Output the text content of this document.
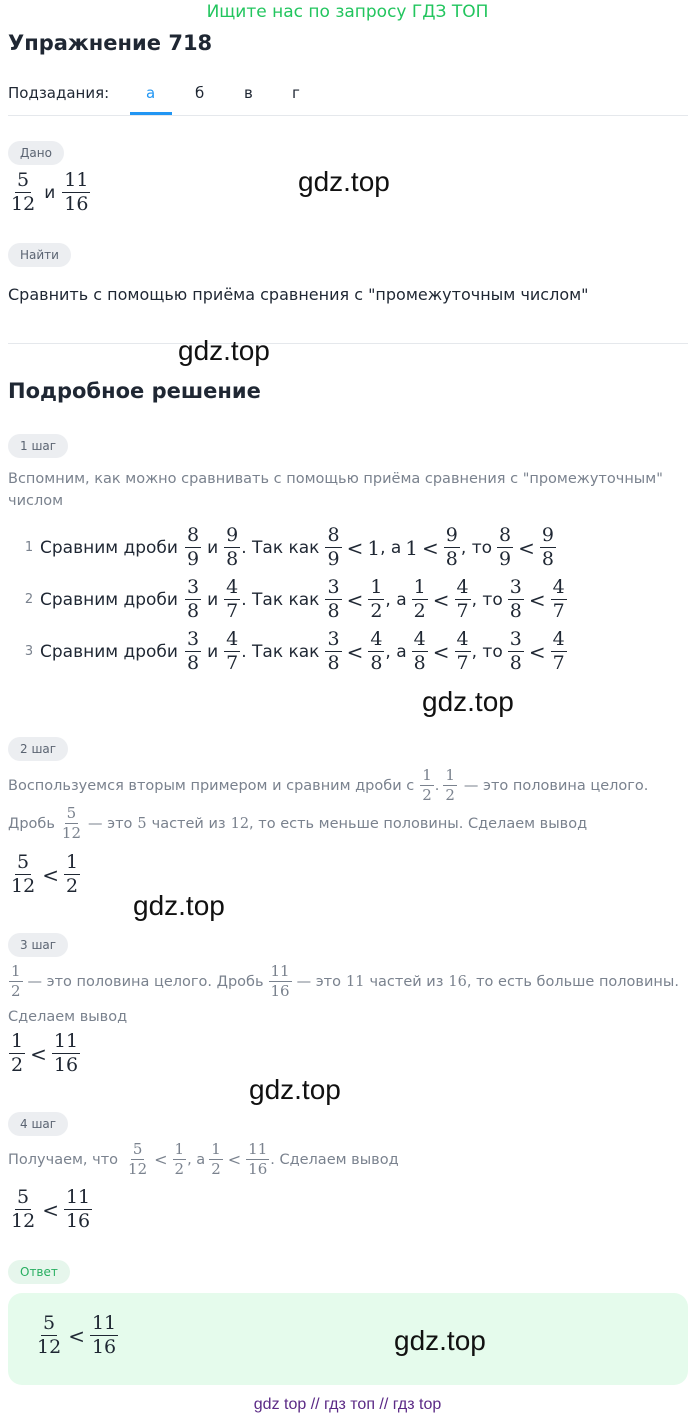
Ищите нас по запросу ГДЗ ТОП
Упражнение 718
Подзадания: а	б	в	г
Дано
$\frac{5}{12}$ и $\frac{11}{16}$	gdz.top
Найти
Сравнить с помощью приёма сравнения с "промежуточным числом"
gdz.top
Подробное решение
1 шаг
Вспомним, как можно сравнивать с помощью приёма сравнения с "промежуточным" числом
1 Сравним дроби $\frac{8}{9}$ и $\frac{9}{8}$ . Так как $\frac{8}{9} < 1$ , а $1 < \frac{9}{8}$ , то $\frac{8}{9} < \frac{9}{8}$
2 Сравним дроби $\frac{3}{8}$ и $\frac{4}{7}$ . Так как $\frac{3}{8} < \frac{1}{2}$ , а $\frac{1}{2} < \frac{4}{7}$ , то $\frac{3}{8} < \frac{4}{7}$
3 Сравним дроби $\frac{3}{8}$ и $\frac{4}{7}$ . Так как $\frac{3}{8} < \frac{4}{8}$ , а $\frac{4}{8} < \frac{4}{7}$ , то $\frac{3}{8} < \frac{4}{7}$
gdz.top
2 шаг
Воспользуемся вторым примером и сравним дроби с $\frac{1}{2}$ . $\frac{1}{2}$ — это половина целого.
Дробь $\frac{5}{12}$ — это 5 частей из 12 , то есть меньше половины. Сделаем вывод
$\frac{5}{12} < \frac{1}{2}$
gdz.top
3 шаг
$\frac{1}{2}$ — это половина целого. Дробь $\frac{11}{16}$ — это 11 частей из 16 , то есть больше половины.
Сделаем вывод
$\frac{1}{2} < \frac{11}{16}$
gdz.top
4 шаг
Получаем, что $\frac{5}{12} < \frac{1}{2}$ , а $\frac{1}{2} < \frac{11}{16}$ . Сделаем вывод
$\frac{5}{12} < \frac{11}{16}$
Ответ
$\frac{5}{12} < \frac{11}{16}$	gdz.top
gdz top // гдз топ // гдз top
